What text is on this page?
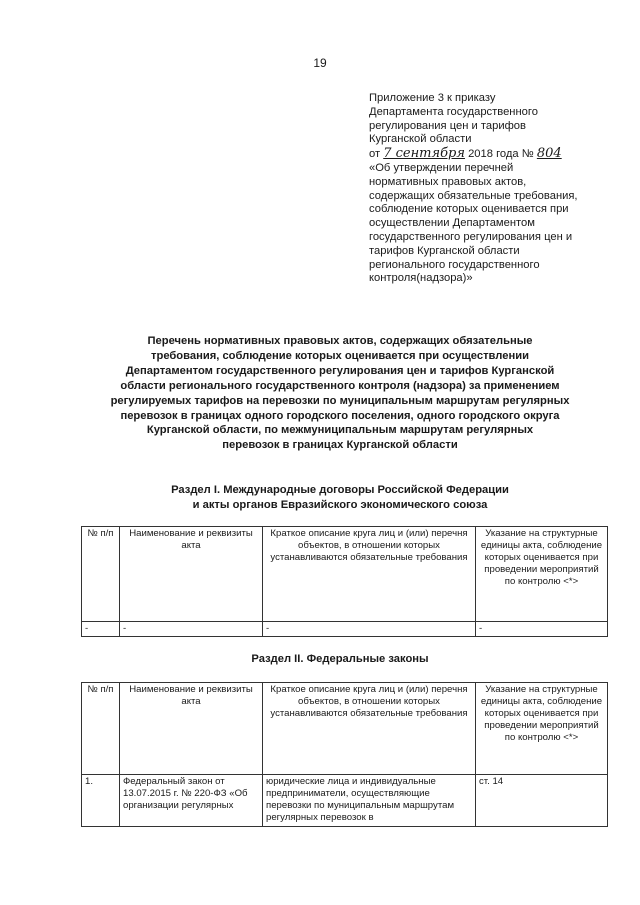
19
Приложение 3 к приказу
Департамента государственного
регулирования цен и тарифов
Курганской области
от 7 сентября 2018 года № 804
«Об утверждении перечней
нормативных правовых актов,
содержащих обязательные требования,
соблюдение которых оценивается при
осуществлении Департаментом
государственного регулирования цен и
тарифов Курганской области
регионального государственного
контроля(надзора)»
Перечень нормативных правовых актов, содержащих обязательные
требования, соблюдение которых оценивается при осуществлении
Департаментом государственного регулирования цен и тарифов Курганской
области регионального государственного контроля (надзора) за применением
регулируемых тарифов на перевозки по муниципальным маршрутам регулярных
перевозок в границах одного городского поселения, одного городского округа
Курганской области, по межмуниципальным маршрутам регулярных
перевозок в границах Курганской области
Раздел I. Международные договоры Российской Федерации
и акты органов Евразийского экономического союза
№ п/п	Наименование и реквизиты акта	Краткое описание круга лиц и (или) перечня объектов, в отношении которых устанавливаются обязательные требования	Указание на структурные единицы акта, соблюдение которых оценивается при проведении мероприятий по контролю <*>
-	-	-	-
Раздел II. Федеральные законы
№ п/п	Наименование и реквизиты акта	Краткое описание круга лиц и (или) перечня объектов, в отношении которых устанавливаются обязательные требования	Указание на структурные единицы акта, соблюдение которых оценивается при проведении мероприятий по контролю <*>
1.	Федеральный закон от 13.07.2015 г. № 220-ФЗ «Об организации регулярных	юридические лица и индивидуальные предприниматели, осуществляющие перевозки по муниципальным маршрутам регулярных перевозок в	ст. 14
